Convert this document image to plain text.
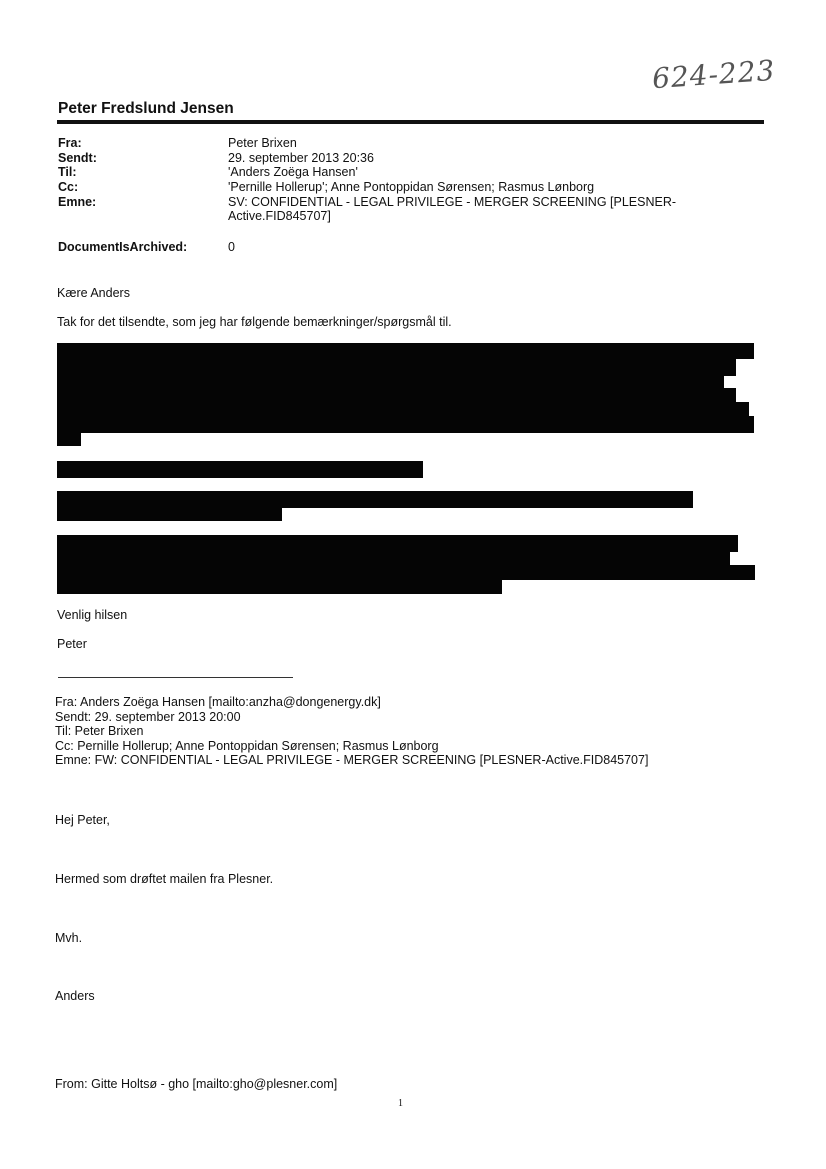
624-223
Peter Fredslund Jensen
Fra:	Peter Brixen
Sendt:	29. september 2013 20:36
Til:	'Anders Zoëga Hansen'
Cc:	'Pernille Hollerup'; Anne Pontoppidan Sørensen; Rasmus Lønborg
Emne:	SV: CONFIDENTIAL - LEGAL PRIVILEGE - MERGER SCREENING [PLESNER-Active.FID845707]
DocumentIsArchived:	0
Kære Anders
Tak for det tilsendte, som jeg har følgende bemærkninger/spørgsmål til.
Venlig hilsen
Peter
Fra: Anders Zoëga Hansen [mailto:anzha@dongenergy.dk]
Sendt: 29. september 2013 20:00
Til: Peter Brixen
Cc: Pernille Hollerup; Anne Pontoppidan Sørensen; Rasmus Lønborg
Emne: FW: CONFIDENTIAL - LEGAL PRIVILEGE - MERGER SCREENING [PLESNER-Active.FID845707]
Hej Peter,
Hermed som drøftet mailen fra Plesner.
Mvh.
Anders
From: Gitte Holtsø - gho [mailto:gho@plesner.com]
1
